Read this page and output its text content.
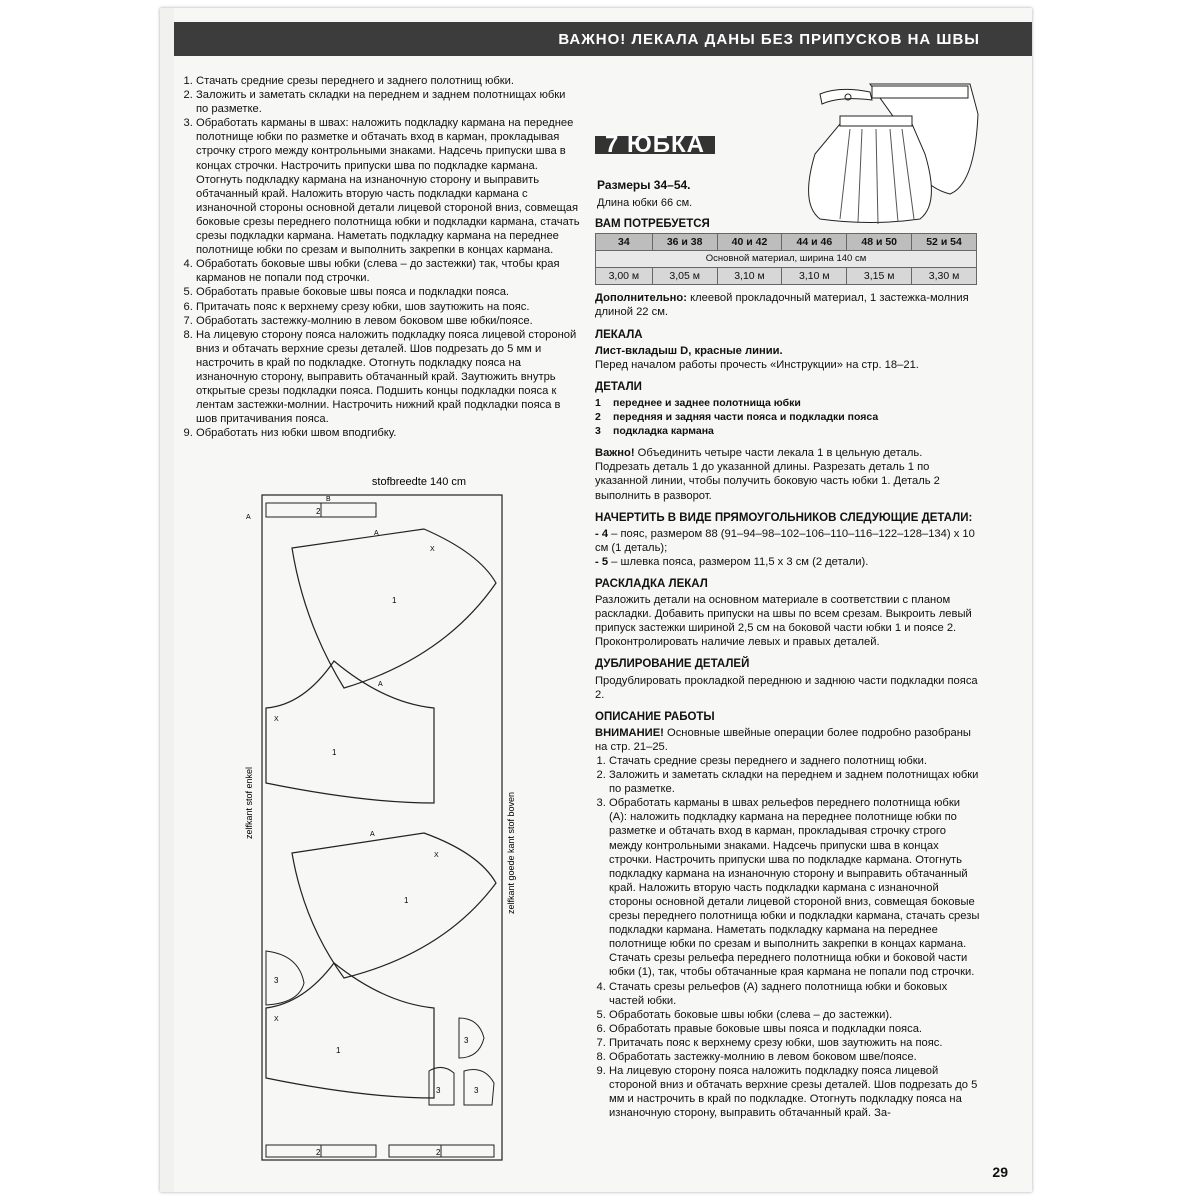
ВАЖНО! ЛЕКАЛА ДАНЫ БЕЗ ПРИПУСКОВ НА ШВЫ
1. Стачать средние срезы переднего и заднего полотнищ юбки.
2. Заложить и заметать складки на переднем и заднем полотнищах юбки по разметке.
3. Обработать карманы в швах: наложить подкладку кармана на переднее полотнище юбки по разметке и обтачать вход в карман, прокладывая строчку строго между контрольными знаками. Надсечь припуски шва в концах строчки. Настрочить припуски шва по подкладке кармана. Отогнуть подкладку кармана на изнаночную сторону и выправить обтачанный край. Наложить вторую часть подкладки кармана с изнаночной стороны основной детали лицевой стороной вниз, совмещая боковые срезы переднего полотнища юбки и подкладки кармана, стачать срезы подкладки кармана. Наметать подкладку кармана на переднее полотнище юбки по срезам и выполнить закрепки в концах кармана.
4. Обработать боковые швы юбки (слева – до застежки) так, чтобы края карманов не попали под строчки.
5. Обработать правые боковые швы пояса и подкладки пояса.
6. Притачать пояс к верхнему срезу юбки, шов заутюжить на пояс.
7. Обработать застежку-молнию в левом боковом шве юбки/поясе.
8. На лицевую сторону пояса наложить подкладку пояса лицевой стороной вниз и обтачать верхние срезы деталей. Шов подрезать до 5 мм и настрочить в край по подкладке. Отогнуть подкладку пояса на изнаночную сторону, выправить обтачанный край. Заутюжить внутрь открытые срезы подкладки пояса. Подшить концы подкладки пояса к лентам застежки-молнии. Настрочить нижний край подкладки пояса в шов притачивания пояса.
9. Обработать низ юбки швом вподгибку.
stofbreedte 140 cm
zelfkant stof enkel	zelfkant goede kant stof boven
2
B
A
1
A
X
1
A
X
1
A
X
3
1
X
3
3	3
2	2
7 ЮБКА
Размеры 34–54.
Длина юбки 66 см.
ВАМ ПОТРЕБУЕТСЯ
34	36 и 38	40 и 42	44 и 46	48 и 50	52 и 54
Основной материал, ширина 140 см					
3,00 м	3,05 м	3,10 м	3,10 м	3,15 м	3,30 м

Дополнительно: клеевой прокладочный материал, 1 застежка-молния длиной 22 см.

ЛЕКАЛА

Лист-вкладыш D, красные линии.

Перед началом работы прочесть «Инструкции» на стр. 18–21.

ДЕТАЛИ
1	переднее и заднее полотнища юбки
2	передняя и задняя части пояса и подкладки пояса
3	подкладка кармана

Важно! Объединить четыре части лекала 1 в цельную деталь. Подрезать деталь 1 до указанной длины. Разрезать деталь 1 по указанной линии, чтобы получить боковую часть юбки 1. Деталь 2 выполнить в разворот.

НАЧЕРТИТЬ В ВИДЕ ПРЯМОУГОЛЬНИКОВ СЛЕДУЮЩИЕ ДЕТАЛИ:

- 4 – пояс, размером 88 (91–94–98–102–106–110–116–122–128–134) х 10 см (1 деталь);

- 5 – шлевка пояса, размером 11,5 х 3 см (2 детали).

РАСКЛАДКА ЛЕКАЛ

Разложить детали на основном материале в соответствии с планом раскладки. Добавить припуски на швы по всем срезам. Выкроить левый припуск застежки шириной 2,5 см на боковой части юбки 1 и поясе 2. Проконтролировать наличие левых и правых деталей.

ДУБЛИРОВАНИЕ ДЕТАЛЕЙ

Продублировать прокладкой переднюю и заднюю части подкладки пояса 2.

ОПИСАНИЕ РАБОТЫ

ВНИМАНИЕ! Основные швейные операции более подробно разобраны на стр. 21–25.

1. Стачать средние срезы переднего и заднего полотнищ юбки.
2. Заложить и заметать складки на переднем и заднем полотнищах юбки по разметке.
3. Обработать карманы в швах рельефов переднего полотнища юбки (А): наложить подкладку кармана на переднее полотнище юбки по разметке и обтачать вход в карман, прокладывая строчку строго между контрольными знаками. Надсечь припуски шва в концах строчки. Настрочить припуски шва по подкладке кармана. Отогнуть подкладку кармана на изнаночную сторону и выправить обтачанный край. Наложить вторую часть подкладки кармана с изнаночной стороны основной детали лицевой стороной вниз, совмещая боковые срезы переднего полотнища юбки и подкладки кармана, стачать срезы подкладки кармана. Наметать подкладку кармана на переднее полотнище юбки по срезам и выполнить закрепки в концах кармана. Стачать срезы рельефа переднего полотнища юбки и боковой части юбки (1), так, чтобы обтачанные края кармана не попали под строчки.
4. Стачать срезы рельефов (А) заднего полотнища юбки и боковых частей юбки.
5. Обработать боковые швы юбки (слева – до застежки).
6. Обработать правые боковые швы пояса и подкладки пояса.
7. Притачать пояс к верхнему срезу юбки, шов заутюжить на пояс.
8. Обработать застежку-молнию в левом боковом шве/поясе.
9. На лицевую сторону пояса наложить подкладку пояса лицевой стороной вниз и обтачать верхние срезы деталей. Шов подрезать до 5 мм и настрочить в край по подкладке. Отогнуть подкладку пояса на изнаночную сторону, выправить обтачанный край. За-
29
